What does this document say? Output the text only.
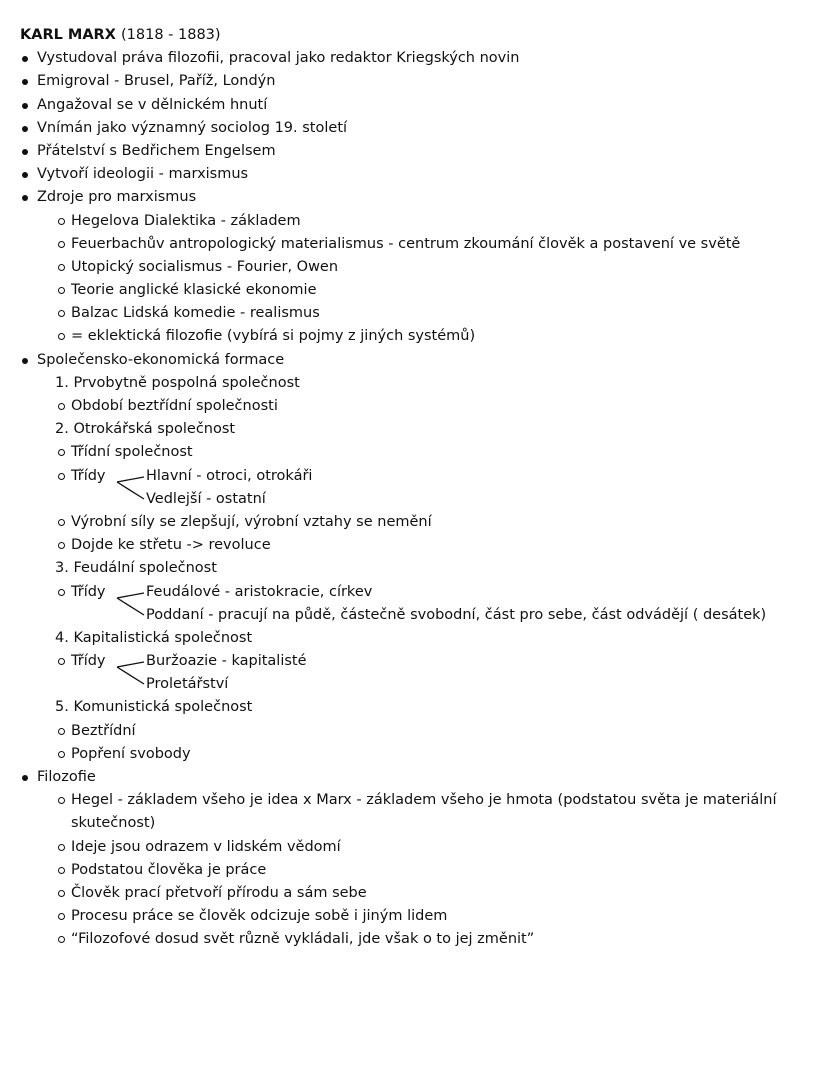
KARL MARX (1818 - 1883)
Vystudoval práva filozofii, pracoval jako redaktor Kriegských novin
Emigroval - Brusel, Paříž, Londýn
Angažoval se v dělnickém hnutí
Vnímán jako významný sociolog 19. století
Přátelství s Bedřichem Engelsem
Vytvoří ideologii - marxismus
Zdroje pro marxismus
Hegelova Dialektika - základem
Feuerbachův antropologický materialismus - centrum zkoumání člověk a postavení ve světě
Utopický socialismus - Fourier, Owen
Teorie anglické klasické ekonomie
Balzac Lidská komedie - realismus
= eklektická filozofie (vybírá si pojmy z jiných systémů)
Společensko-ekonomická formace
1. Prvobytně pospolná společnost
Období beztřídní společnosti
2. Otrokářská společnost
Třídní společnost
Třídy	Hlavní - otroci, otrokáři
Vedlejší - ostatní
Výrobní síly se zlepšují, výrobní vztahy se nemění
Dojde ke střetu -> revoluce
3. Feudální společnost
Třídy	Feudálové - aristokracie, církev
Poddaní - pracují na půdě, částečně svobodní, část pro sebe, část odvádějí ( desátek)
4. Kapitalistická společnost
Třídy	Buržoazie - kapitalisté
Proletářství
5. Komunistická společnost
Beztřídní
Popření svobody
Filozofie
Hegel - základem všeho je idea x Marx - základem všeho je hmota (podstatou světa je materiální
skutečnost)
Ideje jsou odrazem v lidském vědomí
Podstatou člověka je práce
Člověk prací přetvoří přírodu a sám sebe
Procesu práce se člověk odcizuje sobě i jiným lidem
“Filozofové dosud svět různě vykládali, jde však o to jej změnit”
